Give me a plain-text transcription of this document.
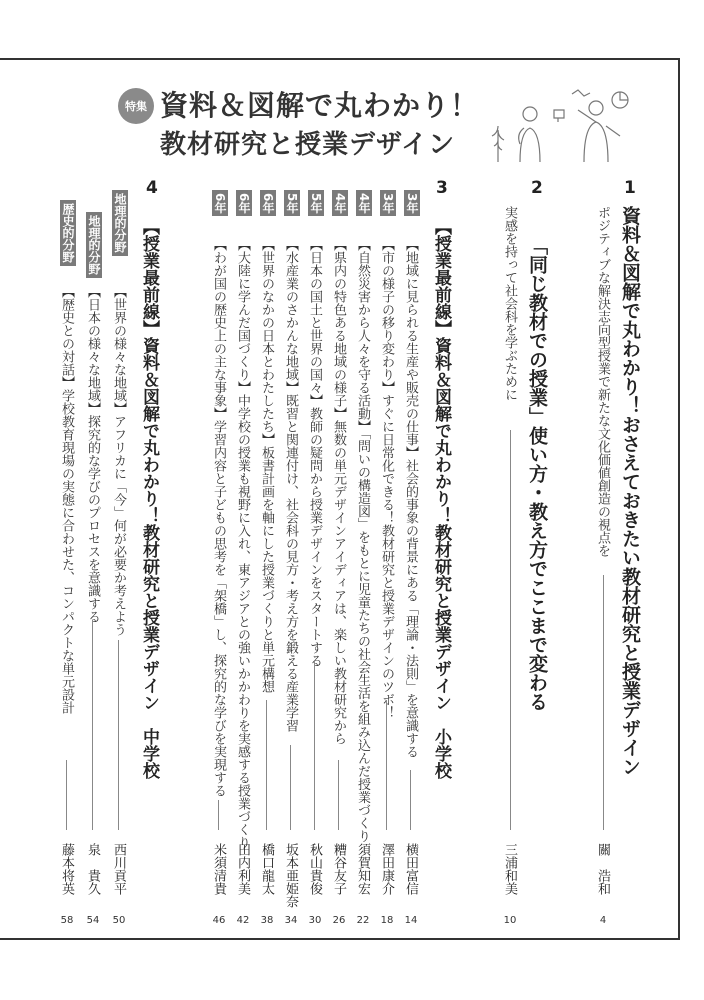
特集 資料＆図解で丸わかり！
教材研究と授業デザイン
1
資料＆図解で丸わかり！おさえておきたい教材研究と授業デザイン
ポジティブな解決志向型授業で新たな文化価値創造の視点を
關　浩和
4
2
「同じ教材での授業」使い方・教え方でここまで変わる
実感を持って社会科を学ぶために
三浦和美
10
3
【授業最前線】資料＆図解で丸わかり！教材研究と授業デザイン　小学校
3年
【地域に見られる生産や販売の仕事】社会的事象の背景にある「理論・法則」を意識する
横田富信
14
3年
【市の様子の移り変わり】すぐに日常化できる！教材研究と授業デザインのツボ！
澤田康介
18
4年
【自然災害から人々を守る活動】「問いの構造図」をもとに児童たちの社会生活を組み込んだ授業づくり
須賀知宏
22
4年
【県内の特色ある地域の様子】無数の単元デザインアイディアは、楽しい教材研究から
糟谷友子
26
5年
【日本の国土と世界の国々】教師の疑問から授業デザインをスタートする
秋山貴俊
30
5年
【水産業のさかんな地域】既習と関連付け、社会科の見方・考え方を鍛える産業学習
坂本亜姫奈
34
6年
【世界のなかの日本とわたしたち】板書計画を軸にした授業づくりと単元構想
橋口龍太
38
6年
【大陸に学んだ国づくり】中学校の授業も視野に入れ、東アジアとの強いかかわりを実感する授業づくり
田内利美
42
6年
【わが国の歴史上の主な事象】学習内容と子どもの思考を「架橋」し、探究的な学びを実現する
米須清貴
46
4
【授業最前線】資料＆図解で丸わかり！教材研究と授業デザイン　中学校
地理的分野
【世界の様々な地域】アフリカに「今」何が必要か考えよう
西川貢平
50
地理的分野
【日本の様々な地域】探究的な学びのプロセスを意識する
泉　貴久
54
歴史的分野
【歴史との対話】学校教育現場の実態に合わせた、コンパクトな単元設計
藤本将英
58
